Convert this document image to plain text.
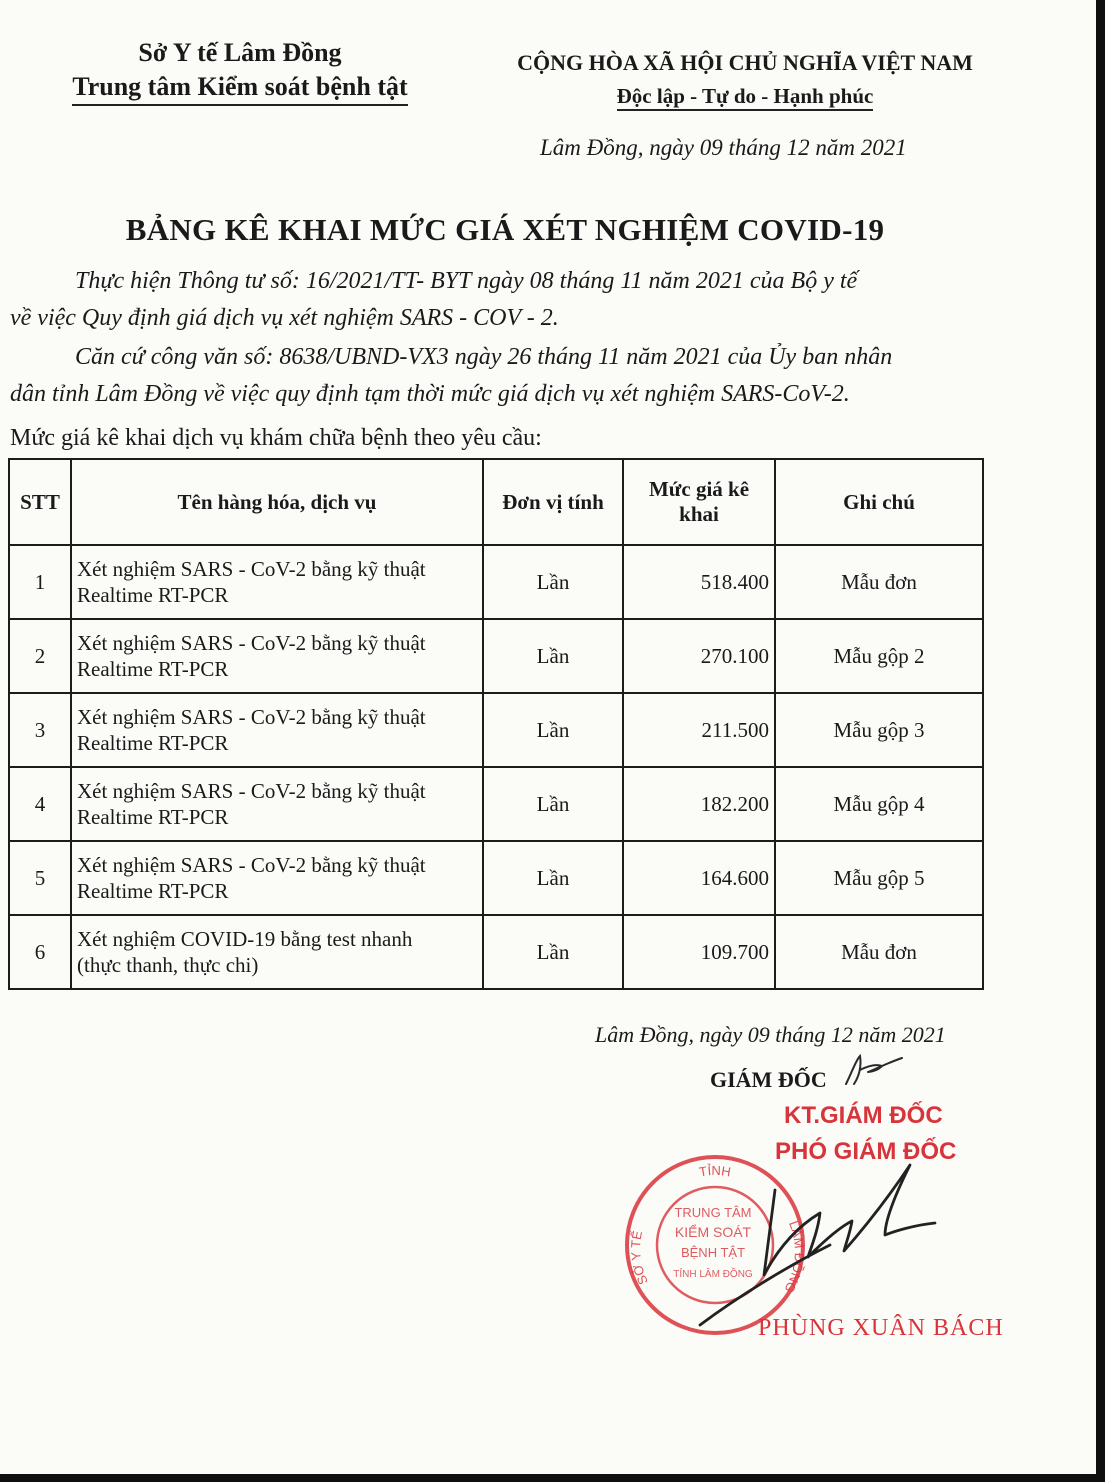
Sở Y tế Lâm Đồng
Trung tâm Kiểm soát bệnh tật
CỘNG HÒA XÃ HỘI CHỦ NGHĨA VIỆT NAM
Độc lập - Tự do - Hạnh phúc
Lâm Đồng, ngày 09 tháng 12 năm 2021
BẢNG KÊ KHAI MỨC GIÁ XÉT NGHIỆM COVID-19
Thực hiện Thông tư số: 16/2021/TT- BYT ngày 08 tháng 11 năm 2021 của Bộ y tế
về việc Quy định giá dịch vụ xét nghiệm SARS - COV - 2.
Căn cứ công văn số: 8638/UBND-VX3 ngày 26 tháng 11 năm 2021 của Ủy ban nhân
dân tỉnh Lâm Đồng về việc quy định tạm thời mức giá dịch vụ xét nghiệm SARS-CoV-2.
Mức giá kê khai dịch vụ khám chữa bệnh theo yêu cầu:
STT	Tên hàng hóa, dịch vụ	Đơn vị tính	Mức giá kê
khai	Ghi chú
1	Xét nghiệm SARS - CoV-2 bằng kỹ thuật
Realtime RT-PCR	Lần	518.400	Mẫu đơn
2	Xét nghiệm SARS - CoV-2 bằng kỹ thuật
Realtime RT-PCR	Lần	270.100	Mẫu gộp 2
3	Xét nghiệm SARS - CoV-2 bằng kỹ thuật
Realtime RT-PCR	Lần	211.500	Mẫu gộp 3
4	Xét nghiệm SARS - CoV-2 bằng kỹ thuật
Realtime RT-PCR	Lần	182.200	Mẫu gộp 4
5	Xét nghiệm SARS - CoV-2 bằng kỹ thuật
Realtime RT-PCR	Lần	164.600	Mẫu gộp 5
6	Xét nghiệm COVID-19 bằng test nhanh
(thực thanh, thực chi)	Lần	109.700	Mẫu đơn
Lâm Đồng, ngày 09 tháng 12 năm 2021
GIÁM ĐỐC
KT.GIÁM ĐỐC
PHÓ GIÁM ĐỐC
TỈNH
SỞ Y TẾ
LÂM ĐỒNG
TRUNG TÂM
KIỂM SOÁT
BỆNH TẬT
TỈNH LÂM ĐỒNG
PHÙNG XUÂN BÁCH
